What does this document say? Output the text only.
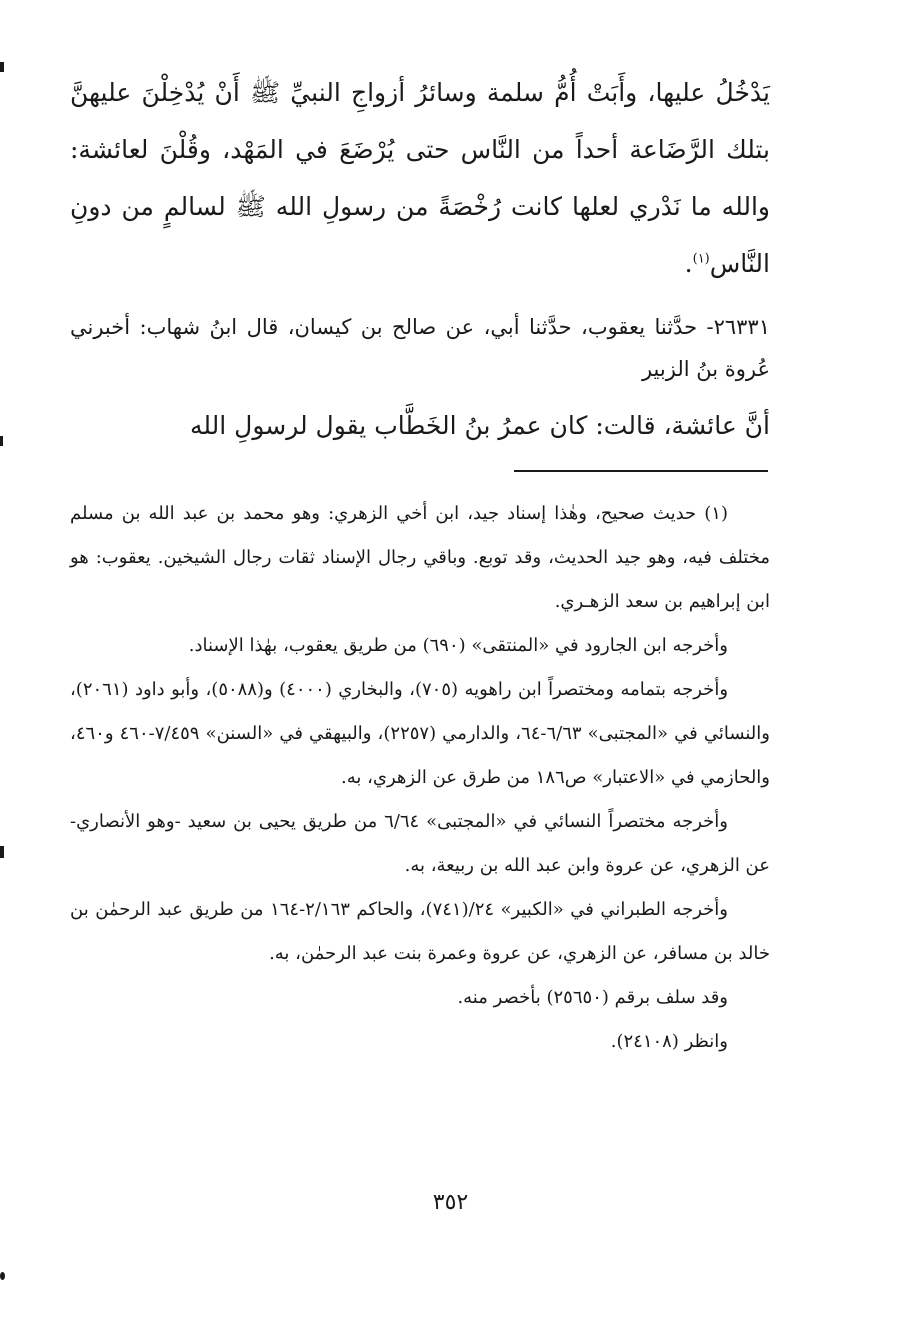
يَدْخُلُ عليها، وأَبَتْ أُمُّ سلمة وسائرُ أزواجِ النبيِّ ﷺ أَنْ يُدْخِلْنَ عليهنَّ بتلك الرَّضَاعة أحداً من النَّاس حتى يُرْضَعَ في المَهْد، وقُلْنَ لعائشة: والله ما نَدْري لعلها كانت رُخْصَةً من رسولِ الله ﷺ لسالمٍ من دونِ النَّاس$^{(١)}$.

٢٦٣٣١- حدَّثنا يعقوب، حدَّثنا أبي، عن صالح بن كيسان، قال ابنُ شهاب: أخبرني عُروة بنُ الزبير

أنَّ عائشة، قالت: كان عمرُ بنُ الخَطَّاب يقول لرسولِ الله

(١) حديث صحيح، وهٰذا إسناد جيد، ابن أخي الزهري: وهو محمد بن عبد الله بن مسلم مختلف فيه، وهو جيد الحديث، وقد توبع. وباقي رجال الإسناد ثقات رجال الشيخين. يعقوب: هو ابن إبراهيم بن سعد الزهـري.

وأخرجه ابن الجارود في «المنتقى» (٦٩٠) من طريق يعقوب، بهٰذا الإسناد.

وأخرجه بتمامه ومختصراً ابن راهويه (٧٠٥)، والبخاري (٤٠٠٠) و(٥٠٨٨)، وأبو داود (٢٠٦١)، والنسائي في «المجتبى» ٦/٦٣-٦٤، والدارمي (٢٢٥٧)، والبيهقي في «السنن» ٧/٤٥٩-٤٦٠ و٤٦٠، والحازمي في «الاعتبار» ص١٨٦ من طرق عن الزهري، به.

وأخرجه مختصراً النسائي في «المجتبى» ٦/٦٤ من طريق يحيى بن سعيد -وهو الأنصاري- عن الزهري، عن عروة وابن عبد الله بن ربيعة، به.

وأخرجه الطبراني في «الكبير» ٢٤/(٧٤١)، والحاكم ٢/١٦٣-١٦٤ من طريق عبد الرحمٰن بن خالد بن مسافر، عن الزهري، عن عروة وعمرة بنت عبد الرحمٰن، به.

وقد سلف برقم (٢٥٦٥٠) بأخصر منه.

وانظر (٢٤١٠٨).

٣٥٢
